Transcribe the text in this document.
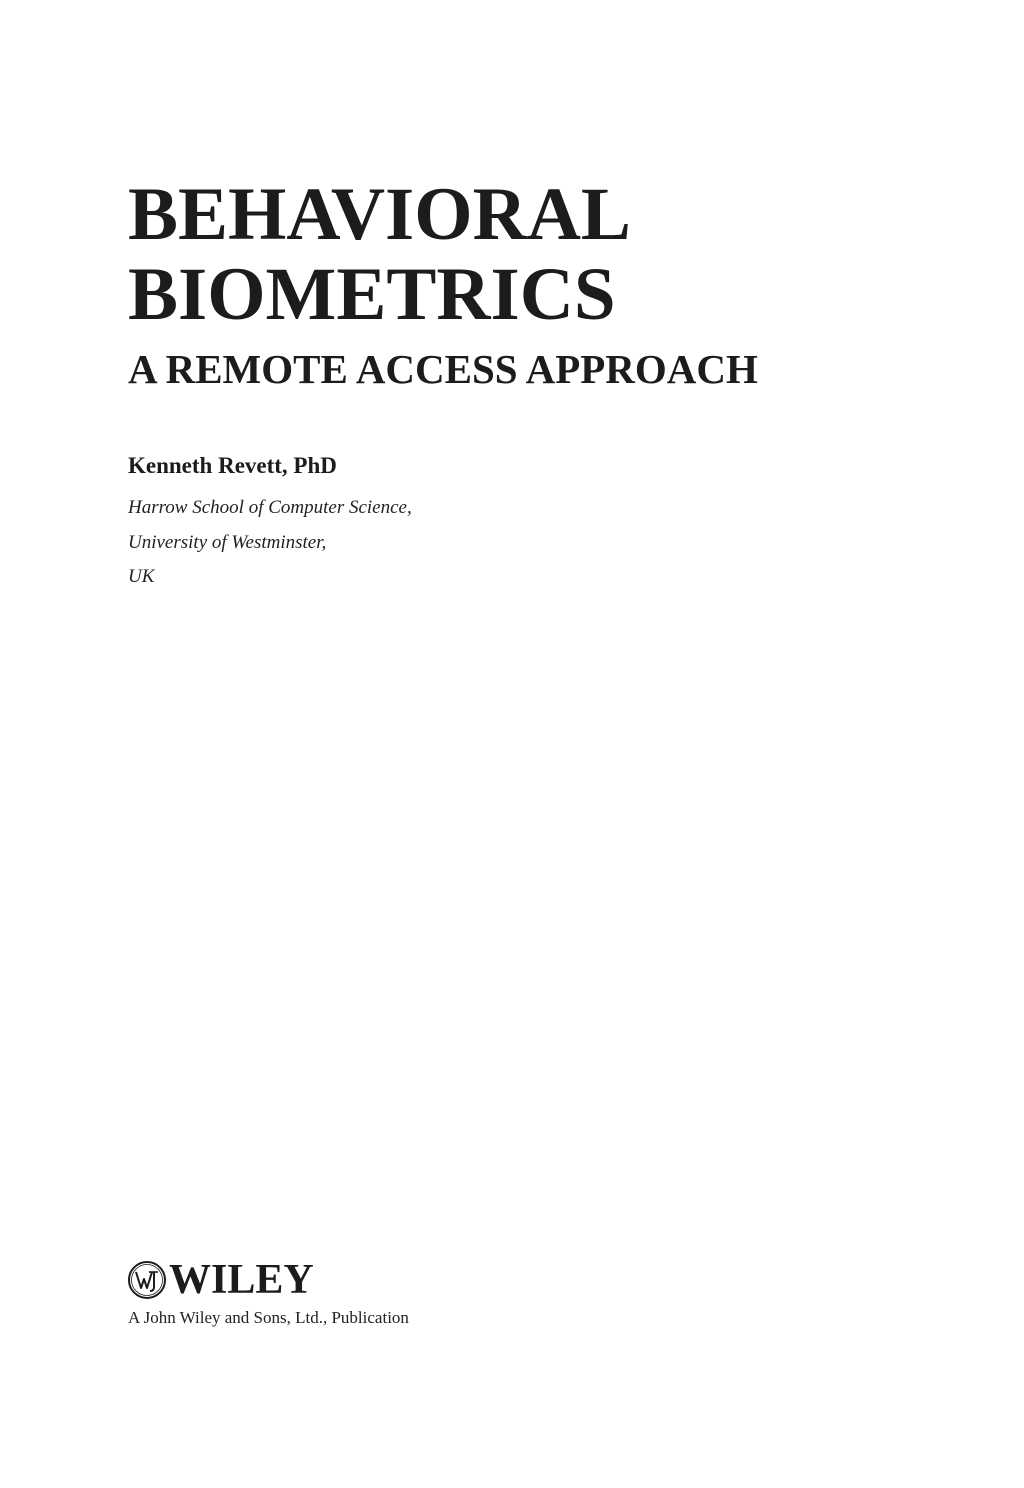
BEHAVIORAL
BIOMETRICS
A REMOTE ACCESS APPROACH

Kenneth Revett, PhD

Harrow School of Computer Science,

University of Westminster,

UK

WILEY

A John Wiley and Sons, Ltd., Publication
